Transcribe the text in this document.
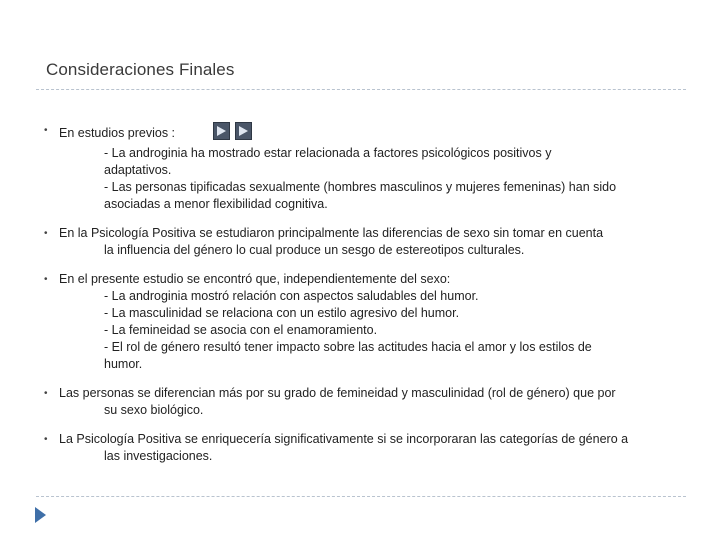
Consideraciones Finales
• En estudios previos :
- La androginia ha mostrado estar relacionada a factores psicológicos positivos y
adaptativos.
- Las personas tipificadas sexualmente (hombres masculinos y mujeres femeninas) han sido
asociadas a menor flexibilidad cognitiva.
• En la Psicología Positiva se estudiaron principalmente las diferencias de sexo sin tomar en cuenta
la influencia del género lo cual produce un sesgo de estereotipos culturales.
• En el presente estudio se encontró que, independientemente del sexo:
- La androginia mostró relación con aspectos saludables del humor.
- La masculinidad se relaciona con un estilo agresivo del humor.
- La femineidad se asocia con el enamoramiento.
- El rol de género resultó tener impacto sobre las actitudes hacia el amor y los estilos de
humor.
• Las personas se diferencian más por su grado de femineidad y masculinidad (rol de género) que por
su sexo biológico.
• La Psicología Positiva se enriquecería significativamente si se incorporaran las categorías de género a
las investigaciones.
